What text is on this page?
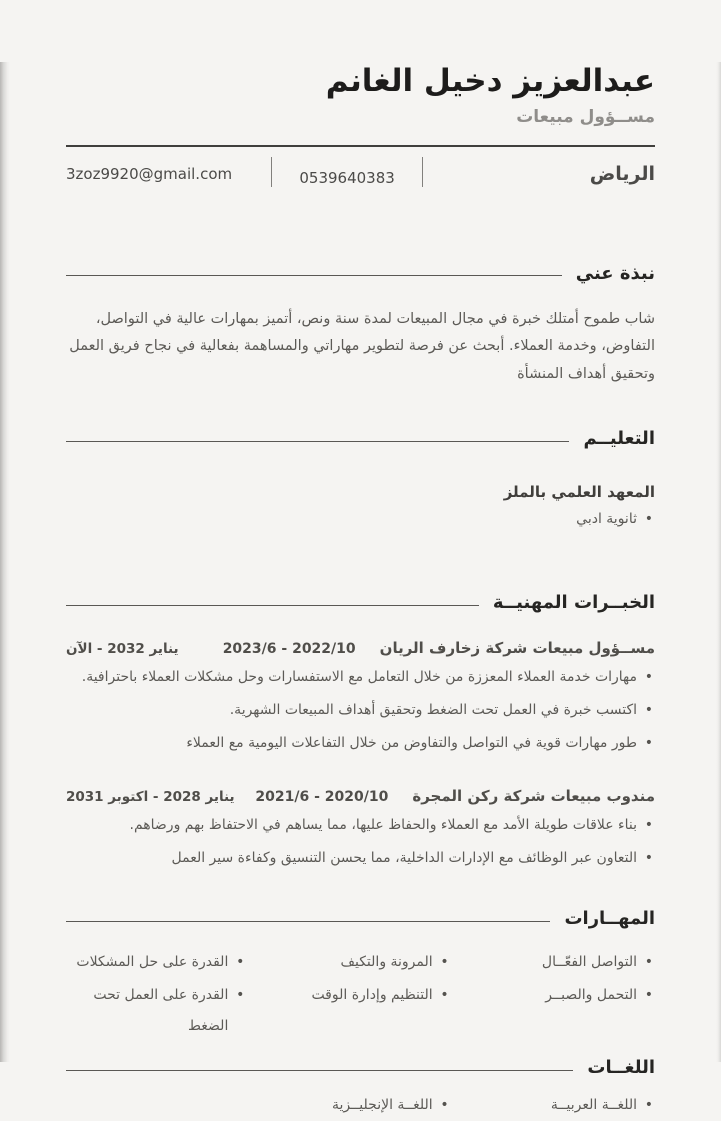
عبدالعزيز دخيل الغانم
مســؤول مبيعات
الرياض
0539640383
3zoz9920@gmail.com
نبذة عني

شاب طموح أمتلك خبرة في مجال المبيعات لمدة سنة ونص، أتميز بمهارات عالية في التواصل، التفاوض، وخدمة العملاء. أبحث عن فرصة لتطوير مهاراتي والمساهمة بفعالية في نجاح فريق العمل وتحقيق أهداف المنشأة

التعليــم
المعهد العلمي بالملز
• ثانوية ادبي
الخبــرات المهنيــة
مســؤول مبيعات شركة زخارف الريان
2022/10 - 2023/6
يناير 2032 - الآن
• مهارات خدمة العملاء المعززة من خلال التعامل مع الاستفسارات وحل مشكلات العملاء باحترافية.
• اكتسب خبرة في العمل تحت الضغط وتحقيق أهداف المبيعات الشهرية.
• طور مهارات قوية في التواصل والتفاوض من خلال التفاعلات اليومية مع العملاء
مندوب مبيعات شركة ركن المجرة
2020/10 - 2021/6
يناير 2028 - اكتوبر 2031
• بناء علاقات طويلة الأمد مع العملاء والحفاظ عليها، مما يساهم في الاحتفاظ بهم ورضاهم.
• التعاون عبر الوظائف مع الإدارات الداخلية، مما يحسن التنسيق وكفاءة سير العمل
المهــارات
• التواصل الفعّــال
• المرونة والتكيف
• القدرة على حل المشكلات
• التحمل والصبــر
• التنظيم وإدارة الوقت
• القدرة على العمل تحت الضغط
اللغــات
• اللغــة العربيــة
• اللغــة الإنجليــزية
